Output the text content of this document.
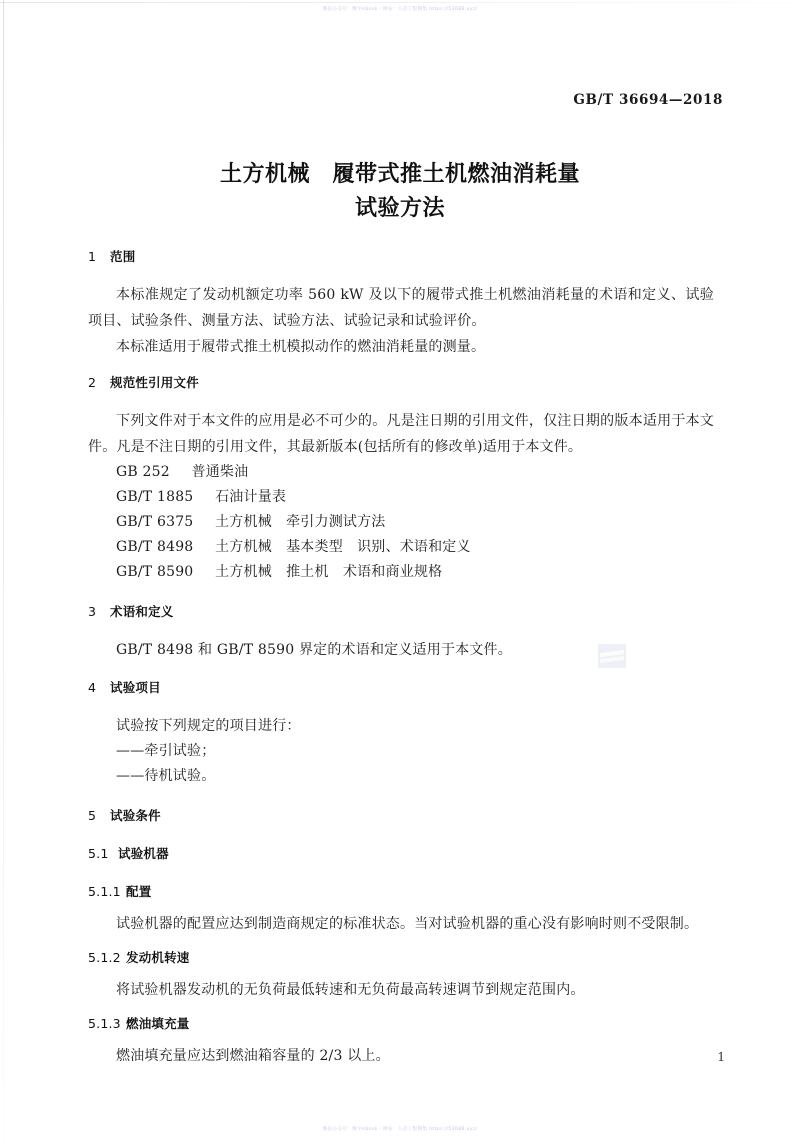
微信公众号：数字ebook｜网站：人迈工程图集 https://52688.xyz/
GB/T 36694—2018
土方机械　履带式推土机燃油消耗量
试验方法
1 范围

本标准规定了发动机额定功率 560 kW 及以下的履带式推土机燃油消耗量的术语和定义、试验项目、试验条件、测量方法、试验方法、试验记录和试验评价。

本标准适用于履带式推土机模拟动作的燃油消耗量的测量。

2 规范性引用文件

下列文件对于本文件的应用是必不可少的。凡是注日期的引用文件，仅注日期的版本适用于本文件。凡是不注日期的引用文件，其最新版本(包括所有的修改单)适用于本文件。

GB 252 普通柴油
GB/T 1885 石油计量表
GB/T 6375 土方机械　牵引力测试方法
GB/T 8498 土方机械　基本类型　识别、术语和定义
GB/T 8590 土方机械　推土机　术语和商业规格
3 术语和定义

GB/T 8498 和 GB/T 8590 界定的术语和定义适用于本文件。

4 试验项目

试验按下列规定的项目进行：

——牵引试验；
——待机试验。
5 试验条件
5.1 试验机器
5.1.1 配置

试验机器的配置应达到制造商规定的标准状态。当对试验机器的重心没有影响时则不受限制。

5.1.2 发动机转速

将试验机器发动机的无负荷最低转速和无负荷最高转速调节到规定范围内。

5.1.3 燃油填充量

燃油填充量应达到燃油箱容量的 2/3 以上。	1
微信公众号：数字ebook｜网站：人迈工程图集 https://52688.xyz/
